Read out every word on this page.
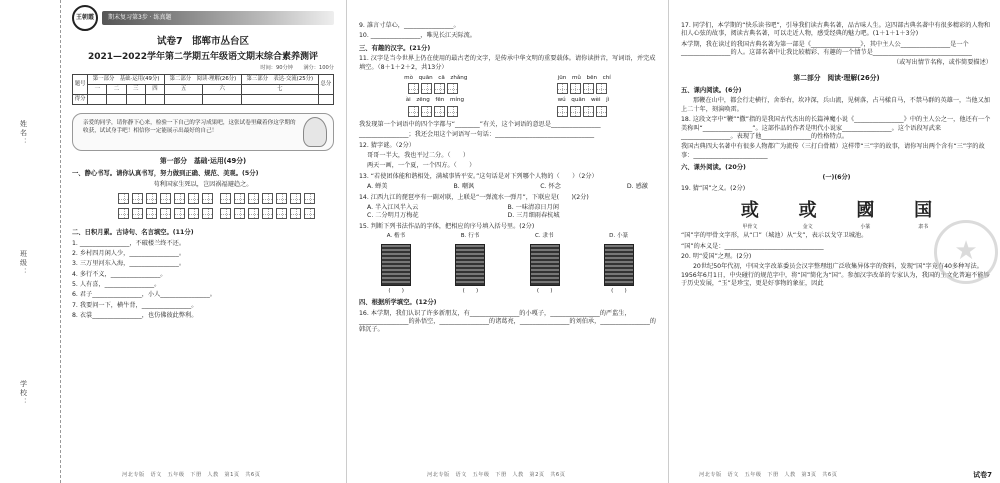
姓名：
班级：
学校：
王朝霞	期末复习第3步 · 练真题
试卷7　邯郸市丛台区
2021—2022学年第二学期五年级语文期末综合素养测评
时间：90分钟　　满分：100分
题号	第一部分　基础·运用(49分)				第二部分　阅读·理解(26分)		第三部分　表达·交流(25分)	总分
	一	二	三	四	五	六	七	
得分								
亲爱的同学，请你静下心来，检验一下自己的学习成果吧，这张试卷里藏着你这学期的收获，试试身手吧！相信你一定能展示出最好的自己！
第一部分　基础·运用(49分)
一、静心书写。请你认真书写，努力做到正确、规范、美观。(5分)
苟利国家生死以，岂因祸福避趋之。
二、日积月累。古诗句、名言填空。(11分)
1. ________________，不破楼兰终不还。
2. 乡村四月闲人少，________________。
3. 三万里河东入海，________________。
4. 多行不义，________________。
5. 人有喜，________________。
6. 君子________________，小人________________。
7. 我要问一下，横牛背，________________。
8. 衣裳________________，也仿佛彼此弊利。
河北专版　语文　五年级　下册　人教　第1页　共6页
9. 誰言寸草心，________________。
10. ________________，唯见长江天际流。
三、有趣的汉字。(21分)
11. 汉字是当今世界上仍在使用的最古老的文字，是传承中华文明的重要载体。请你读拼音，写词语，并完成填空。（8＋1＋2＋2，共13分）
mò　quān　cā　zhǎng	jūn　mǔ　bēn　chí
ài　zēng　fēn　míng	wú　quān　wèi　jì
我发现第一个词语中的四个字都与“________”有关，这个词语的意思是________________
________________；我还会用这个词语写一句话：________________________________
12. 猜字谜。（2分）
哥哥一半大，我也平过二分。（　　）
两天一画，一个夏，一个四方。（　　）
13. “若使团体能和谐相处，满城事皆平安。”这句话是对下列哪个人物的（　　）（2分）
A. 蝉美	B. 嘲讽	C. 怀念	D. 感激
14. 江西九江的琵琶亭有一副对联，上联是“一弹流水一弹月”，下联应是(　　)(2分)
A. 半入江风半入云	B. 一味清凉日月闲
C. 二分明月万梅花	D. 三月细雨春杭城
15. 判断下列书法作品的字体，把相应的序号填入括号里。(2分)
A. 楷书	B. 行书	C. 隶书	D. 小篆
(　　)	(　　)	(　　)	(　　)
四、根据所学填空。(12分)
16. 本学期，我们认识了许多新朋友，有________________的小嘎子，________________的严监生，________________的孙悟空，________________的诸葛亮，________________的刘伯承，________________的韩沉子。
河北专版　语文　五年级　下册　人教　第2页　共6页
17. 同学们，本学期的“快乐读书吧”，引导我们读古典名著，品古味人生。这四部古典名著中有很多精彩的人物和扣人心弦的故事，阅读古典名著，可以走近人物，感受经典的魅力吧。(1＋1＋1＋3分)
本学期，我在读过的我国古典名著为第一部是《________________》，其中主人公________________是一个________________的人。这部名著中让我比较精彩、有趣的一个情节是________________________________
（或写出情节名称，或作简要描述）
第二部分　阅读·理解(26分)
五、课内阅读。(6分)
那鞭在山中，都会行走横行，舍举右，坎冲深，兵山流，见树落，占马樣自马，不禁马群的英雄一，当他又加上二十年，刻演唤雷。
18. 这段文字中“鞭”“撒”指的是我国古代杰出的长篇神魔小说《________________》中的主人公之一，他还有一个美称叫“________________”。这部作品的作者是明代小说家________________。这个语段写武来________________。表现了他________________的性格特点。
我国古典四大名著中有很多人物都广为流传（三打白骨精）这样带“三”字的故事，请你写出两个含有“三”字的故事：________________________
六、课外阅读。(20分)
(一)(6分)
19. 猜“国”之义。(2分)
或
甲骨文
或
金文
國
小篆
国
隶书
“国”字的甲骨文字形，从“口”（城池）从“戈”，表示以戈守卫城池。
“国”的本义是：________________________________
20. 明“爱国”之理。(2分)
20世纪50年代初，中国文字改革委员会汉字整理组广泛收集异体字的资料，发现“国”字竟有40多种写法。1956年6月1日，中央碰行的规范字中，将“国”简化为“国”。参加汉字改革的专家认为，我国的主文化普遍不能够于历史发展，“玉”是珍宝，更是好事物的象征，因此
★
河北专版　语文　五年级　下册　人教　第3页　共6页	试卷7
